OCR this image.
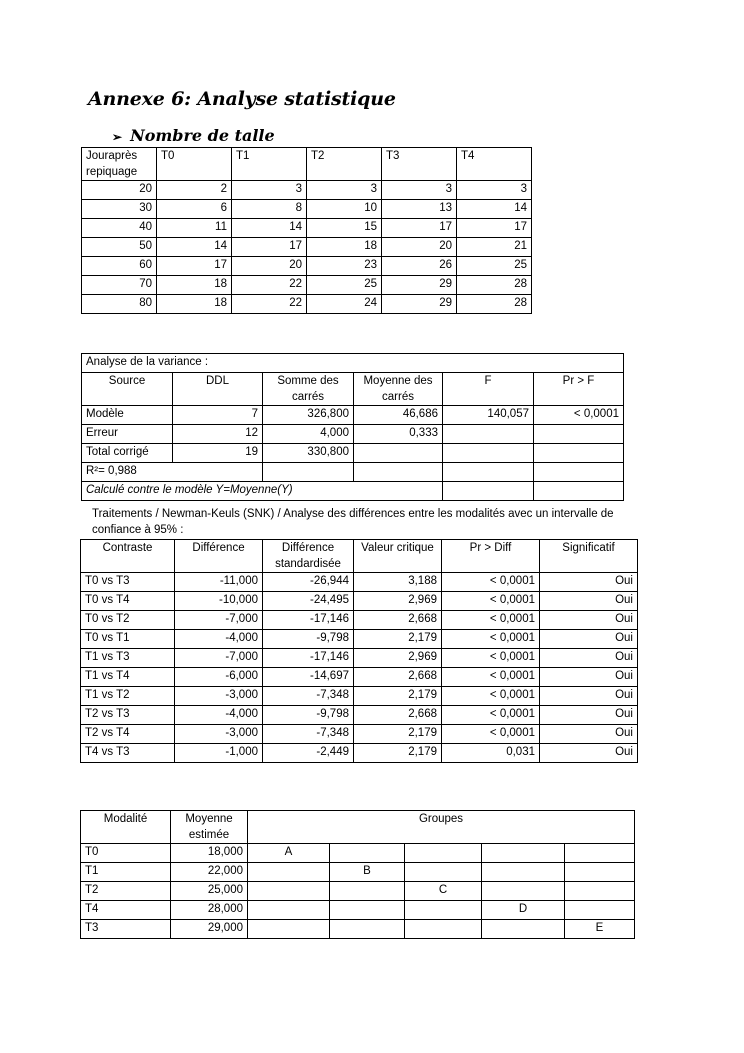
Annexe 6: Analyse statistique
➢ Nombre de talle
Jouraprès repiquage	T0	T1	T2	T3	T4
20	2	3	3	3	3
30	6	8	10	13	14
40	11	14	15	17	17
50	14	17	18	20	21
60	17	20	23	26	25
70	18	22	25	29	28
80	18	22	24	29	28
Analyse de la variance :					
Source	DDL	Somme des carrés	Moyenne des carrés	F	Pr > F
Modèle	7	326,800	46,686	140,057	< 0,0001
Erreur	12	4,000	0,333		
Total corrigé	19	330,800			
R²= 0,988					
Calculé contre le modèle Y=Moyenne(Y)					
Traitements / Newman-Keuls (SNK) / Analyse des différences entre les modalités avec un intervalle de confiance à 95% :
Contraste	Différence	Différence standardisée	Valeur critique	Pr > Diff	Significatif
T0 vs T3	-11,000	-26,944	3,188	< 0,0001	Oui
T0 vs T4	-10,000	-24,495	2,969	< 0,0001	Oui
T0 vs T2	-7,000	-17,146	2,668	< 0,0001	Oui
T0 vs T1	-4,000	-9,798	2,179	< 0,0001	Oui
T1 vs T3	-7,000	-17,146	2,969	< 0,0001	Oui
T1 vs T4	-6,000	-14,697	2,668	< 0,0001	Oui
T1 vs T2	-3,000	-7,348	2,179	< 0,0001	Oui
T2 vs T3	-4,000	-9,798	2,668	< 0,0001	Oui
T2 vs T4	-3,000	-7,348	2,179	< 0,0001	Oui
T4 vs T3	-1,000	-2,449	2,179	0,031	Oui
Modalité	Moyenne estimée	Groupes				
T0	18,000	A				
T1	22,000		B			
T2	25,000			C		
T4	28,000				D	
T3	29,000					E
